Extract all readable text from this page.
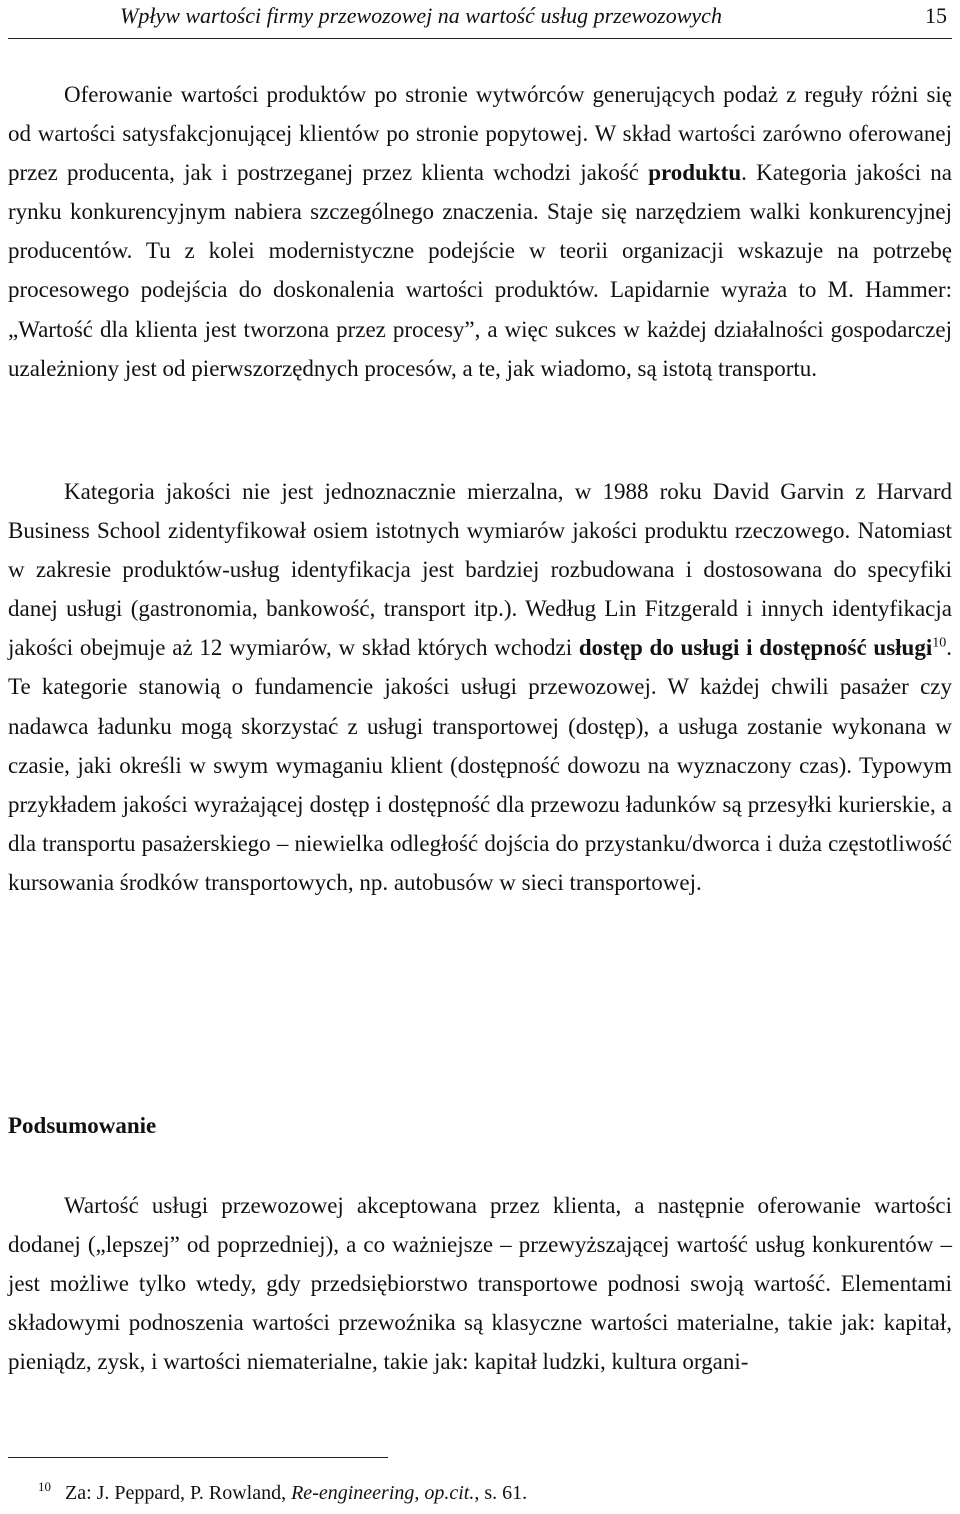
Wpływ wartości firmy przewozowej na wartość usług przewozowych	15

Oferowanie wartości produktów po stronie wytwórców generujących podaż z reguły różni się od wartości satysfakcjonującej klientów po stronie popytowej. W skład wartości zarówno oferowanej przez producenta, jak i postrzeganej przez klienta wchodzi jakość produktu. Kategoria jakości na rynku konkurencyjnym nabiera szczególnego znaczenia. Staje się narzędziem walki konkurencyjnej producentów. Tu z kolei modernistyczne podejście w teorii organizacji wskazuje na potrzebę procesowego podejścia do doskonalenia wartości produktów. Lapidarnie wyraża to M. Hammer: „Wartość dla klienta jest tworzona przez procesy”, a więc sukces w każdej działalności gospodarczej uzależniony jest od pierwszorzędnych procesów, a te, jak wiadomo, są istotą transportu.

Kategoria jakości nie jest jednoznacznie mierzalna, w 1988 roku David Garvin z Harvard Business School zidentyfikował osiem istotnych wymiarów jakości produktu rzeczowego. Natomiast w zakresie produktów-usług identyfikacja jest bardziej rozbudowana i dostosowana do specyfiki danej usługi (gastronomia, bankowość, transport itp.). Według Lin Fitzgerald i innych identyfikacja jakości obejmuje aż 12 wymiarów, w skład których wchodzi dostęp do usługi i dostępność usługi$^{10}$. Te kategorie stanowią o fundamencie jakości usługi przewozowej. W każdej chwili pasażer czy nadawca ładunku mogą skorzystać z usługi transportowej (dostęp), a usługa zostanie wykonana w czasie, jaki określi w swym wymaganiu klient (dostępność dowozu na wyznaczony czas). Typowym przykładem jakości wyrażającej dostęp i dostępność dla przewozu ładunków są przesyłki kurierskie, a dla transportu pasażerskiego – niewielka odległość dojścia do przystanku/dworca i duża częstotliwość kursowania środków transportowych, np. autobusów w sieci transportowej.

Podsumowanie

Wartość usługi przewozowej akceptowana przez klienta, a następnie oferowanie wartości dodanej („lepszej” od poprzedniej), a co ważniejsze – przewyższającej wartość usług konkurentów – jest możliwe tylko wtedy, gdy przedsiębiorstwo transportowe podnosi swoją wartość. Elementami składowymi podnoszenia wartości przewoźnika są klasyczne wartości materialne, takie jak: kapitał, pieniądz, zysk, i wartości niematerialne, takie jak: kapitał ludzki, kultura organi-

$^{10}$ Za: J. Peppard, P. Rowland, Re-engineering, op.cit., s. 61.
